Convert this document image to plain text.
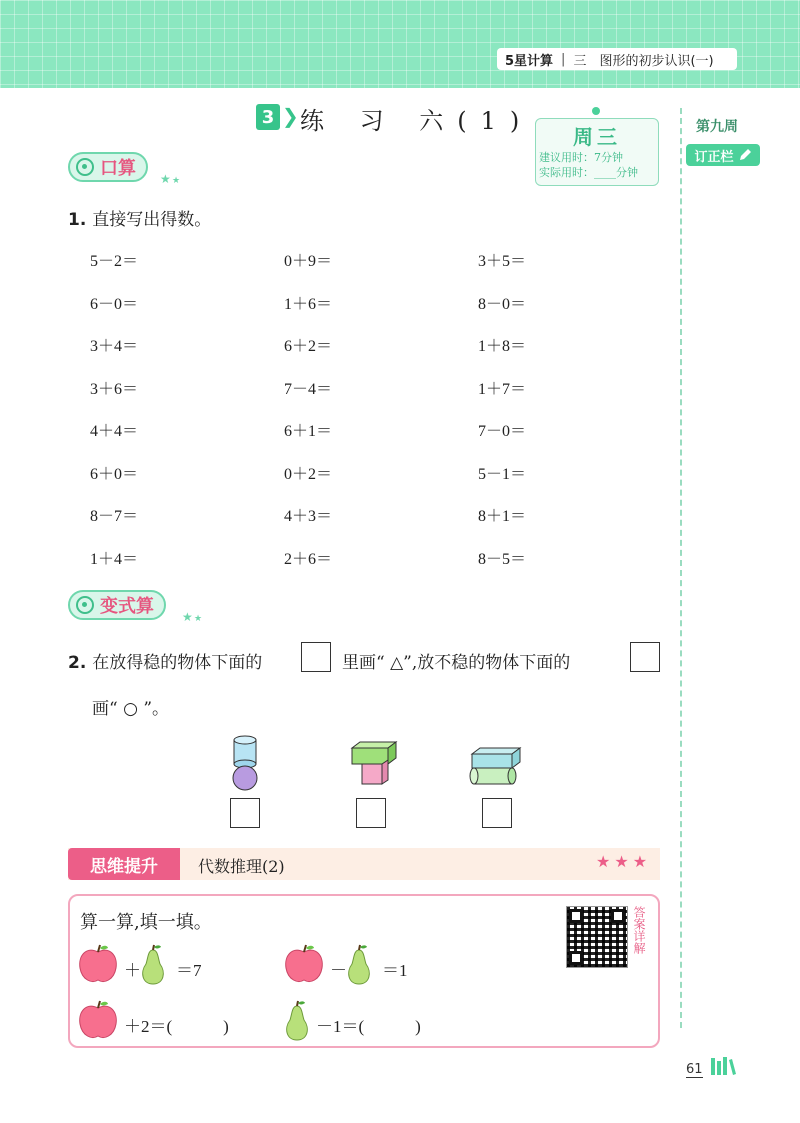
5星计算 | 三　图形的初步认识(一)
第九周
订正栏
3 ❯ 练 习 六(1)
周三
建议用时：7分钟
实际用时：____分钟
口算 ★ ★
1. 直接写出得数。
5－2＝	0＋9＝	3＋5＝
6－0＝	1＋6＝	8－0＝
3＋4＝	6＋2＝	1＋8＝
3＋6＝	7－4＝	1＋7＝
4＋4＝	6＋1＝	7－0＝
6＋0＝	0＋2＝	5－1＝
8－7＝	4＋3＝	8＋1＝
1＋4＝	2＋6＝	8－5＝
变式算 ★ ★
2. 在放得稳的物体下面的	里画“ △”,放不稳的物体下面的
画“ ○ ”。
思维提升	代数推理(2)	★★★
算一算,填一填。	答案详解
＋ ＝7	－ ＝1
＋2＝(　　　)	－1＝(　　　)
61
